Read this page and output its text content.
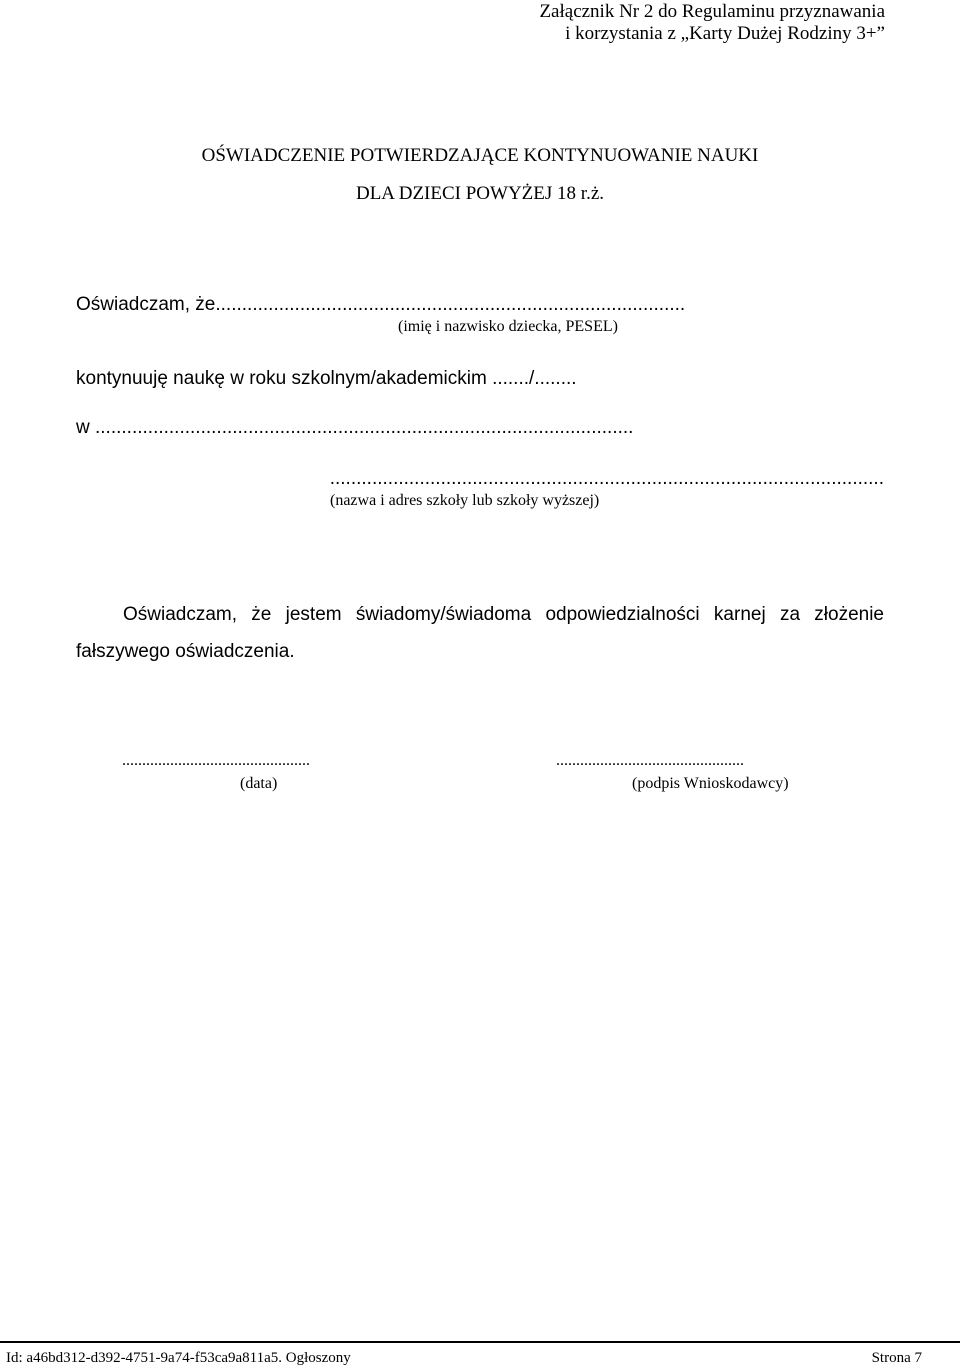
Załącznik Nr 2 do Regulaminu przyznawania
i korzystania z „Karty Dużej Rodziny 3+”
OŚWIADCZENIE POTWIERDZAJĄCE KONTYNUOWANIE NAUKI
DLA DZIECI POWYŻEJ 18 r.ż.
Oświadczam, że.........................................................................................
(imię i nazwisko dziecka, PESEL)
kontynuuję naukę w roku szkolnym/akademickim ......./........
w ......................................................................................................
.........................................................................................................
(nazwa i adres szkoły lub szkoły wyższej)
Oświadczam, że jestem świadomy/świadoma odpowiedzialności karnej za złożenie
fałszywego oświadczenia.
...............................................
(data)
...............................................
(podpis Wnioskodawcy)
Id: a46bd312-d392-4751-9a74-f53ca9a811a5. Ogłoszony	Strona 7
